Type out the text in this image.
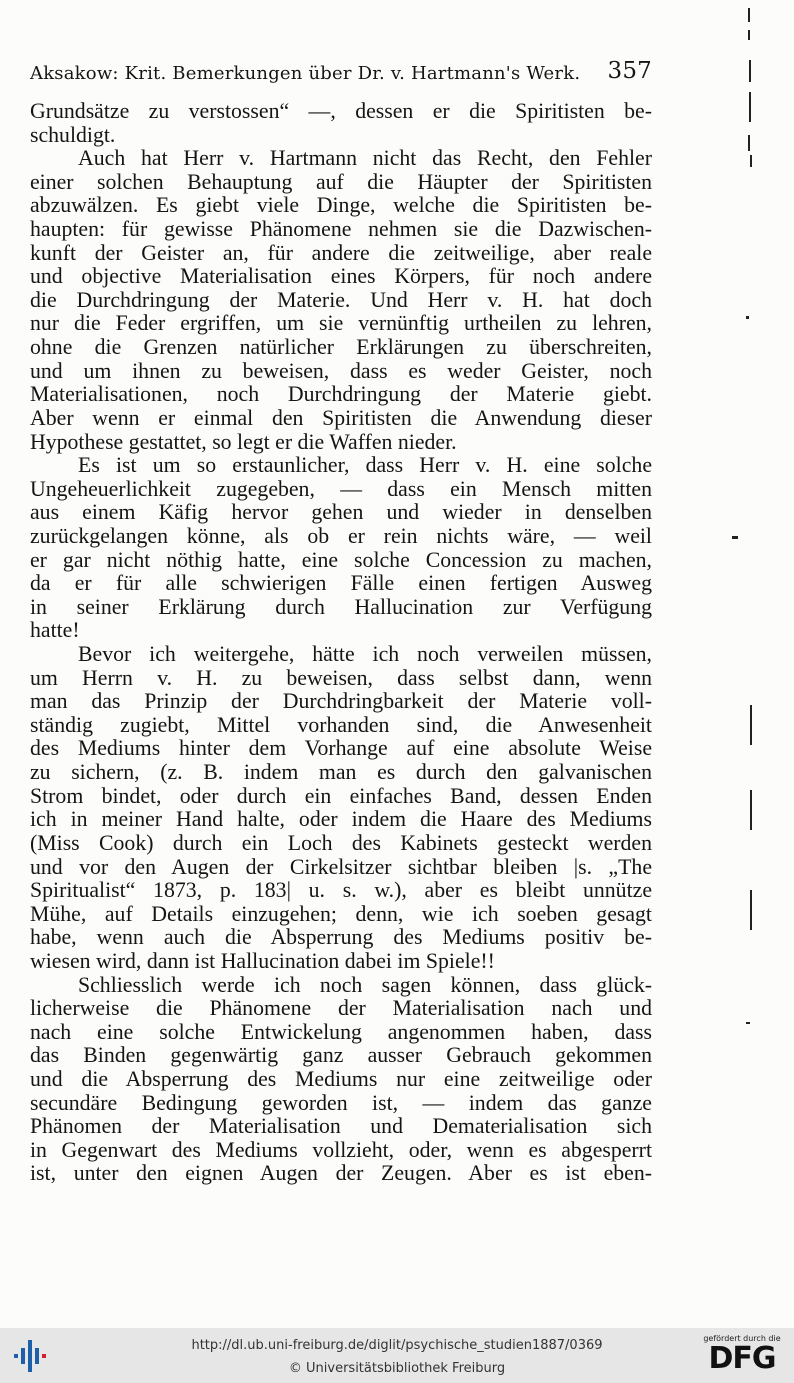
Aksakow: Krit. Bemerkungen über Dr. v. Hartmann's Werk. 357
Grundsätze zu verstossen“ —, dessen er die Spiritisten be-
schuldigt.
Auch hat Herr v. Hartmann nicht das Recht, den Fehler
einer solchen Behauptung auf die Häupter der Spiritisten
abzuwälzen. Es giebt viele Dinge, welche die Spiritisten be-
haupten: für gewisse Phänomene nehmen sie die Dazwischen-
kunft der Geister an, für andere die zeitweilige, aber reale
und objective Materialisation eines Körpers, für noch andere
die Durchdringung der Materie. Und Herr v. H. hat doch
nur die Feder ergriffen, um sie vernünftig urtheilen zu lehren,
ohne die Grenzen natürlicher Erklärungen zu überschreiten,
und um ihnen zu beweisen, dass es weder Geister, noch
Materialisationen, noch Durchdringung der Materie giebt.
Aber wenn er einmal den Spiritisten die Anwendung dieser
Hypothese gestattet, so legt er die Waffen nieder.
Es ist um so erstaunlicher, dass Herr v. H. eine solche
Ungeheuerlichkeit zugegeben, — dass ein Mensch mitten
aus einem Käfig hervor gehen und wieder in denselben
zurückgelangen könne, als ob er rein nichts wäre, — weil
er gar nicht nöthig hatte, eine solche Concession zu machen,
da er für alle schwierigen Fälle einen fertigen Ausweg
in seiner Erklärung durch Hallucination zur Verfügung
hatte!
Bevor ich weitergehe, hätte ich noch verweilen müssen,
um Herrn v. H. zu beweisen, dass selbst dann, wenn
man das Prinzip der Durchdringbarkeit der Materie voll-
ständig zugiebt, Mittel vorhanden sind, die Anwesenheit
des Mediums hinter dem Vorhange auf eine absolute Weise
zu sichern, (z. B. indem man es durch den galvanischen
Strom bindet, oder durch ein einfaches Band, dessen Enden
ich in meiner Hand halte, oder indem die Haare des Mediums
(Miss Cook) durch ein Loch des Kabinets gesteckt werden
und vor den Augen der Cirkelsitzer sichtbar bleiben |s. „The
Spiritualist“ 1873, p. 183| u. s. w.), aber es bleibt unnütze
Mühe, auf Details einzugehen; denn, wie ich soeben gesagt
habe, wenn auch die Absperrung des Mediums positiv be-
wiesen wird, dann ist Hallucination dabei im Spiele!!
Schliesslich werde ich noch sagen können, dass glück-
licherweise die Phänomene der Materialisation nach und
nach eine solche Entwickelung angenommen haben, dass
das Binden gegenwärtig ganz ausser Gebrauch gekommen
und die Absperrung des Mediums nur eine zeitweilige oder
secundäre Bedingung geworden ist, — indem das ganze
Phänomen der Materialisation und Dematerialisation sich
in Gegenwart des Mediums vollzieht, oder, wenn es abgesperrt
ist, unter den eignen Augen der Zeugen. Aber es ist eben-
http://dl.ub.uni-freiburg.de/diglit/psychische_studien1887/0369
© Universitätsbibliothek Freiburg
gefördert durch die
DFG
